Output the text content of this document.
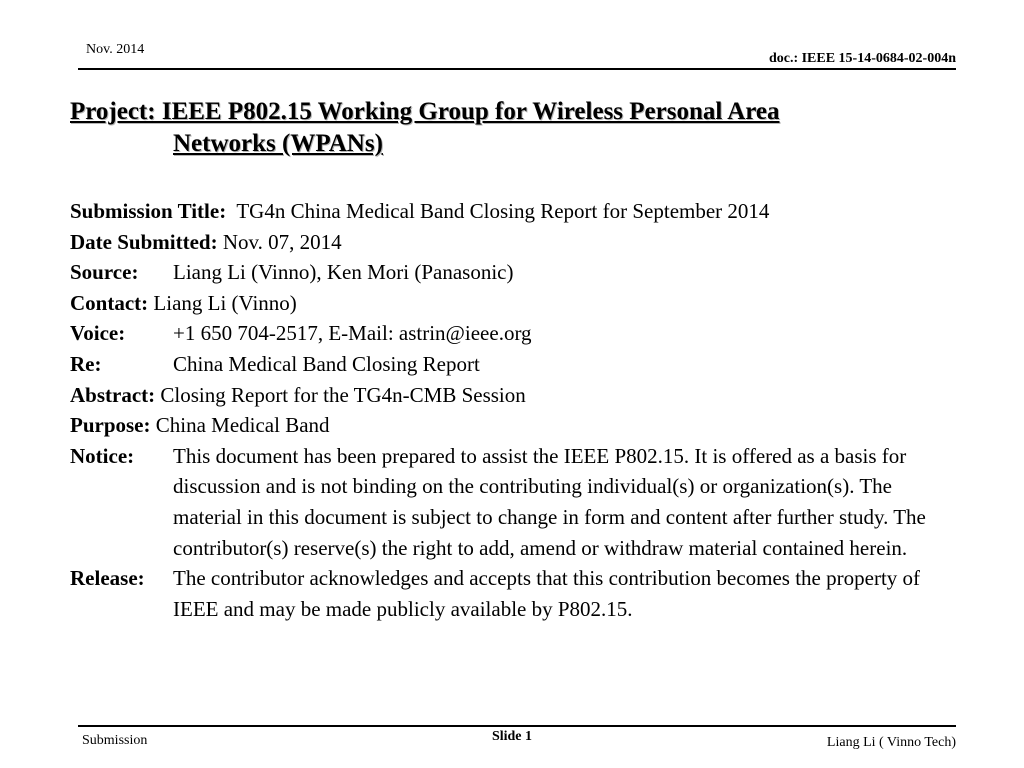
Nov. 2014
doc.: IEEE 15-14-0684-02-004n
Project: IEEE P802.15 Working Group for Wireless Personal Area
Networks (WPANs)
Submission Title: TG4n China Medical Band Closing Report for September 2014
Date Submitted: Nov. 07, 2014
Source:	Liang Li (Vinno), Ken Mori (Panasonic)
Contact: Liang Li (Vinno)
Voice:	+1 650 704-2517, E-Mail: astrin@ieee.org
Re:	China Medical Band Closing Report
Abstract: Closing Report for the TG4n-CMB Session
Purpose: China Medical Band
Notice:	This document has been prepared to assist the IEEE P802.15. It is offered as a basis for discussion and is not binding on the contributing individual(s) or organization(s). The material in this document is subject to change in form and content after further study. The contributor(s) reserve(s) the right to add, amend or withdraw material contained herein.
Release:	The contributor acknowledges and accepts that this contribution becomes the property of IEEE and may be made publicly available by P802.15.
Submission	Slide 1	Liang Li ( Vinno Tech)
